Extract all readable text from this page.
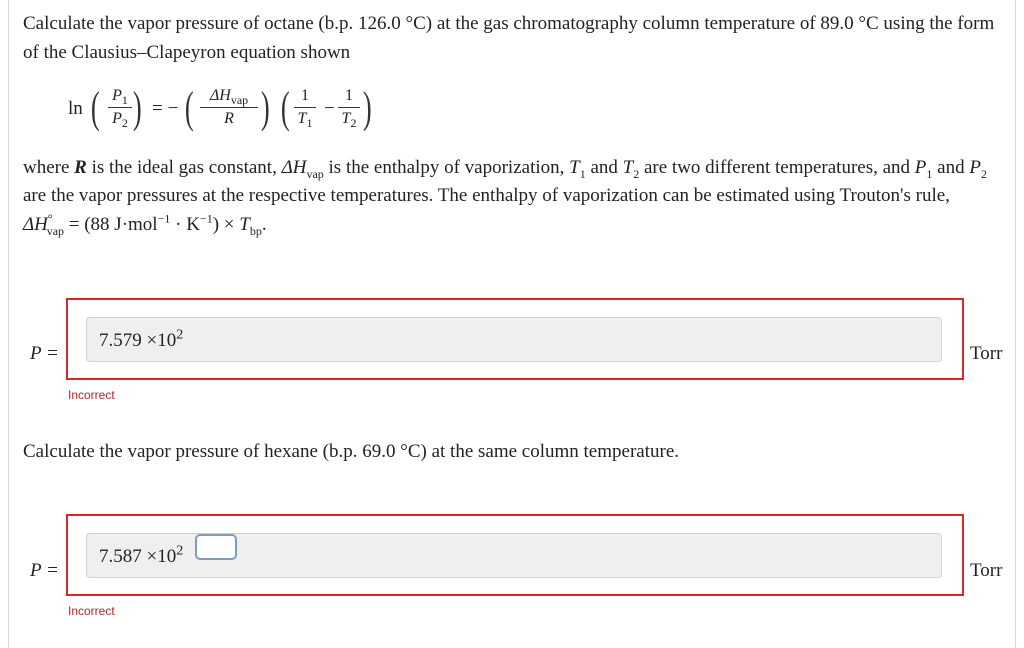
Calculate the vapor pressure of octane (b.p. 126.0 °C) at the gas chromatography column temperature of 89.0 °C using the form
of the Clausius–Clapeyron equation shown
ln ( $P_1$
$P_2$ ) = − (	$\Delta H_{vap}$
R ) ( 1
$T_1$
−
1
$T_2$ )
where R is the ideal gas constant, $\Delta H_{vap}$ is the enthalpy of vaporization, $T_1$ and $T_2$ are two different temperatures, and $P_1$ and $P_2$
are the vapor pressures at the respective temperatures. The enthalpy of vaporization can be estimated using Trouton's rule,
$\Delta H^\circ_{vap} = (88$ $J\cdot mol^{-1} \cdot K^{-1}) \times T_{bp}$.
P =
$7.579 \times 10^2$
Torr
Incorrect
Calculate the vapor pressure of hexane (b.p. 69.0 °C) at the same column temperature.
P =
$7.587 \times 10^2$
Torr
Incorrect
